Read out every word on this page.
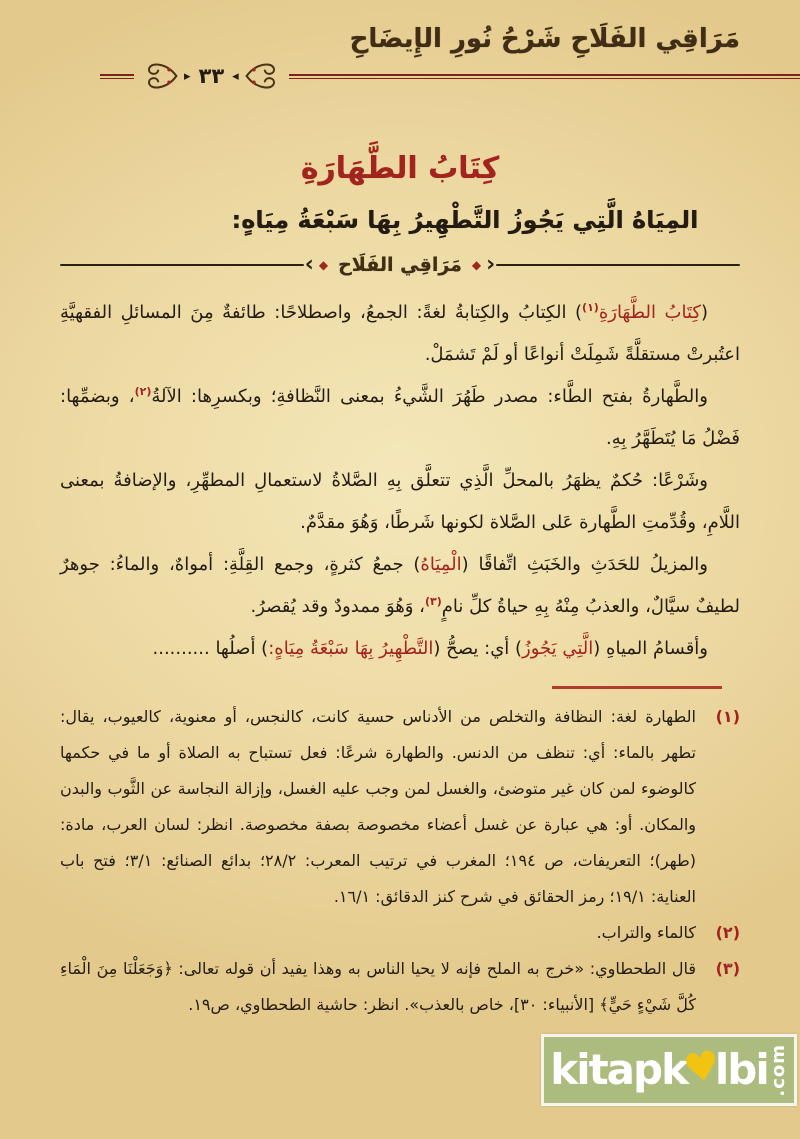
مَرَاقِي الفَلَاحِ شَرْحُ نُورِ الإِيضَاحِ
▸ ٣٣ ◂
كِتَابُ الطَّهَارَةِ
المِيَاهُ الَّتِي يَجُوزُ التَّطْهِيرُ بِهَا سَبْعَةُ مِيَاهٍ:
‹ ◆ مَرَاقِي الفَلَاح ◆ ›

(كِتَابُ الطَّهَارَةِ$^{(١)}$) الكِتابُ والكِتابةُ لغةً: الجمعُ، واصطلاحًا: طائفةٌ مِنَ المسائلِ الفقهيَّةِ اعتُبرتْ مستقلَّةً شَمِلَتْ أنواعًا أو لَمْ تَشمَلْ.

والطَّهارةُ بفتح الطَّاء: مصدر طَهُرَ الشَّيءُ بمعنى النَّظافةِ؛ وبكسرِها: الآلةُ$^{(٢)}$، وبضمِّها: فَضْلُ مَا يُتَطَهَّرُ بِهِ.

وشَرْعًا: حُكمٌ يظهَرُ بالمحلِّ الَّذِي تتعلَّق بِهِ الصَّلاةُ لاستعمالِ المطهِّرِ، والإضافةُ بمعنى اللَّامِ، وقُدِّمتِ الطَّهارة عَلى الصَّلاة لكونها شَرطًا، وَهُوَ مقدَّمٌ.

والمزيلُ للحَدَثِ والخَبَثِ اتِّفاقًا (الْمِيَاهُ) جمعُ كثرةٍ، وجمع القِلَّةِ: أمواهٌ، والماءُ: جوهرٌ لطيفٌ سيَّالٌ، والعذبُ مِنْهُ بِهِ حياةُ كلِّ نامٍ$^{(٣)}$، وَهُوَ ممدودٌ وقد يُقصرُ.

وأقسامُ المياهِ (الَّتِي يَجُوزُ) أي: يصحُّ (التَّطْهِيرُ بِهَا سَبْعَةُ مِيَاهٍ:) أصلُها ..........

(١)
الطهارة لغة: النظافة والتخلص من الأدناس حسية كانت، كالنجس، أو معنوية، كالعيوب، يقال: تطهر بالماء: أي: تنظف من الدنس. والطهارة شرعًا: فعل تستباح به الصلاة أو ما في حكمها كالوضوء لمن كان غير متوضئ، والغسل لمن وجب عليه الغسل، وإزالة النجاسة عن الثَّوب والبدن والمكان. أو: هي عبارة عن غسل أعضاء مخصوصة بصفة مخصوصة. انظر: لسان العرب، مادة: (طهر)؛ التعريفات، ص ١٩٤؛ المغرب في ترتيب المعرب: ٢٨/٢؛ بدائع الصنائع: ٣/١؛ فتح باب العناية: ١٩/١؛ رمز الحقائق في شرح كنز الدقائق: ١٦/١.
(٢)
كالماء والتراب.
(٣)
قال الطحطاوي: «خرج به الملح فإنه لا يحيا الناس به وهذا يفيد أن قوله تعالى: ﴿وَجَعَلْنَا مِنَ الْمَاءِ كُلَّ شَيْءٍ حَيٍّ﴾ [الأنبياء: ٣٠]، خاص بالعذب». انظر: حاشية الطحطاوي، ص١٩.
kitapk
♥
lbi .com
